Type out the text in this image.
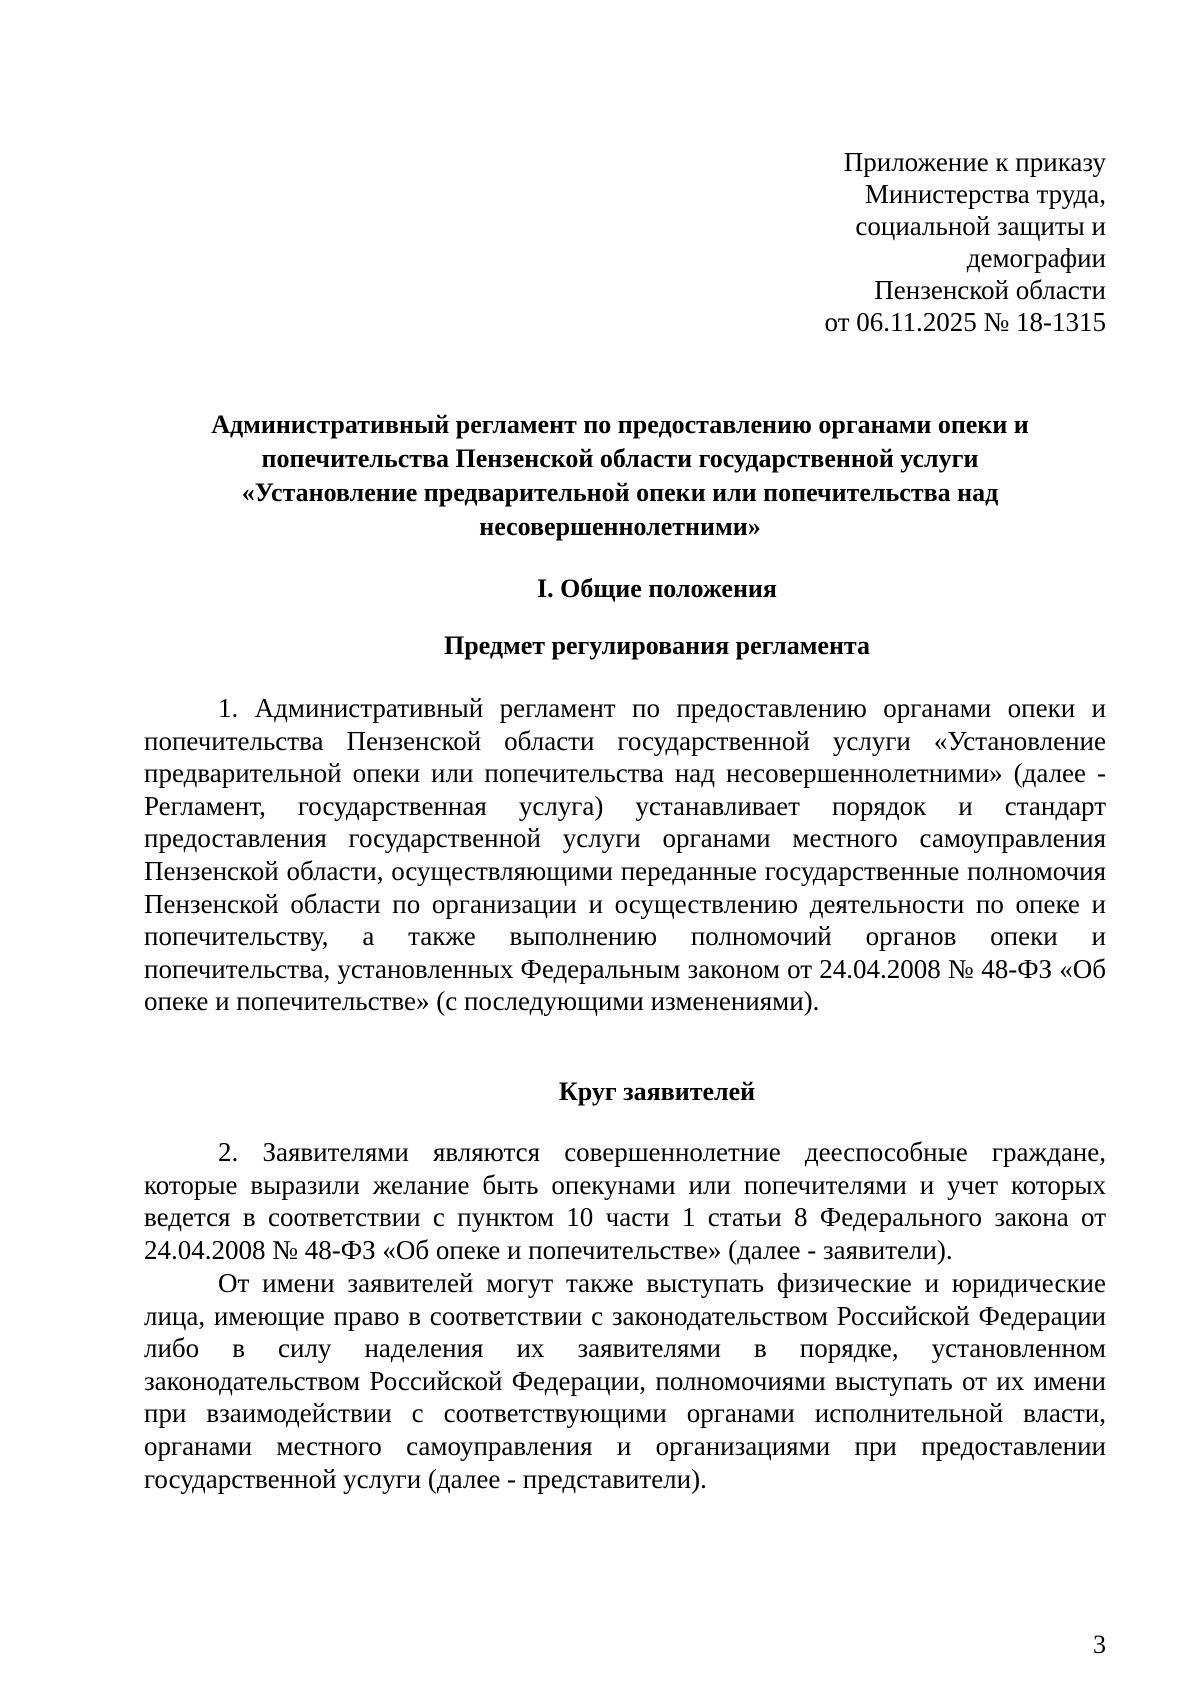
Приложение к приказу
Министерства труда,
социальной защиты и
демографии
Пензенской области
от 06.11.2025 № 18-1315
Административный регламент по предоставлению органами опеки и
попечительства Пензенской области государственной услуги
«Установление предварительной опеки или попечительства над
несовершеннолетними»
I. Общие положения
Предмет регулирования регламента

1. Административный регламент по предоставлению органами опеки и попечительства Пензенской области государственной услуги «Установление предварительной опеки или попечительства над несовершеннолетними» (далее - Регламент, государственная услуга) устанавливает порядок и стандарт предоставления государственной услуги органами местного самоуправления Пензенской области, осуществляющими переданные государственные полномочия Пензенской области по организации и осуществлению деятельности по опеке и попечительству, а также выполнению полномочий органов опеки и попечительства, установленных Федеральным законом от 24.04.2008 № 48-ФЗ «Об опеке и попечительстве» (с последующими изменениями).

Круг заявителей

2. Заявителями являются совершеннолетние дееспособные граждане, которые выразили желание быть опекунами или попечителями и учет которых ведется в соответствии с пунктом 10 части 1 статьи 8 Федерального закона от 24.04.2008 № 48-ФЗ «Об опеке и попечительстве» (далее - заявители).

От имени заявителей могут также выступать физические и юридические лица, имеющие право в соответствии с законодательством Российской Федерации либо в силу наделения их заявителями в порядке, установленном законодательством Российской Федерации, полномочиями выступать от их имени при взаимодействии с соответствующими органами исполнительной власти, органами местного самоуправления и организациями при предоставлении государственной услуги (далее - представители).

3
